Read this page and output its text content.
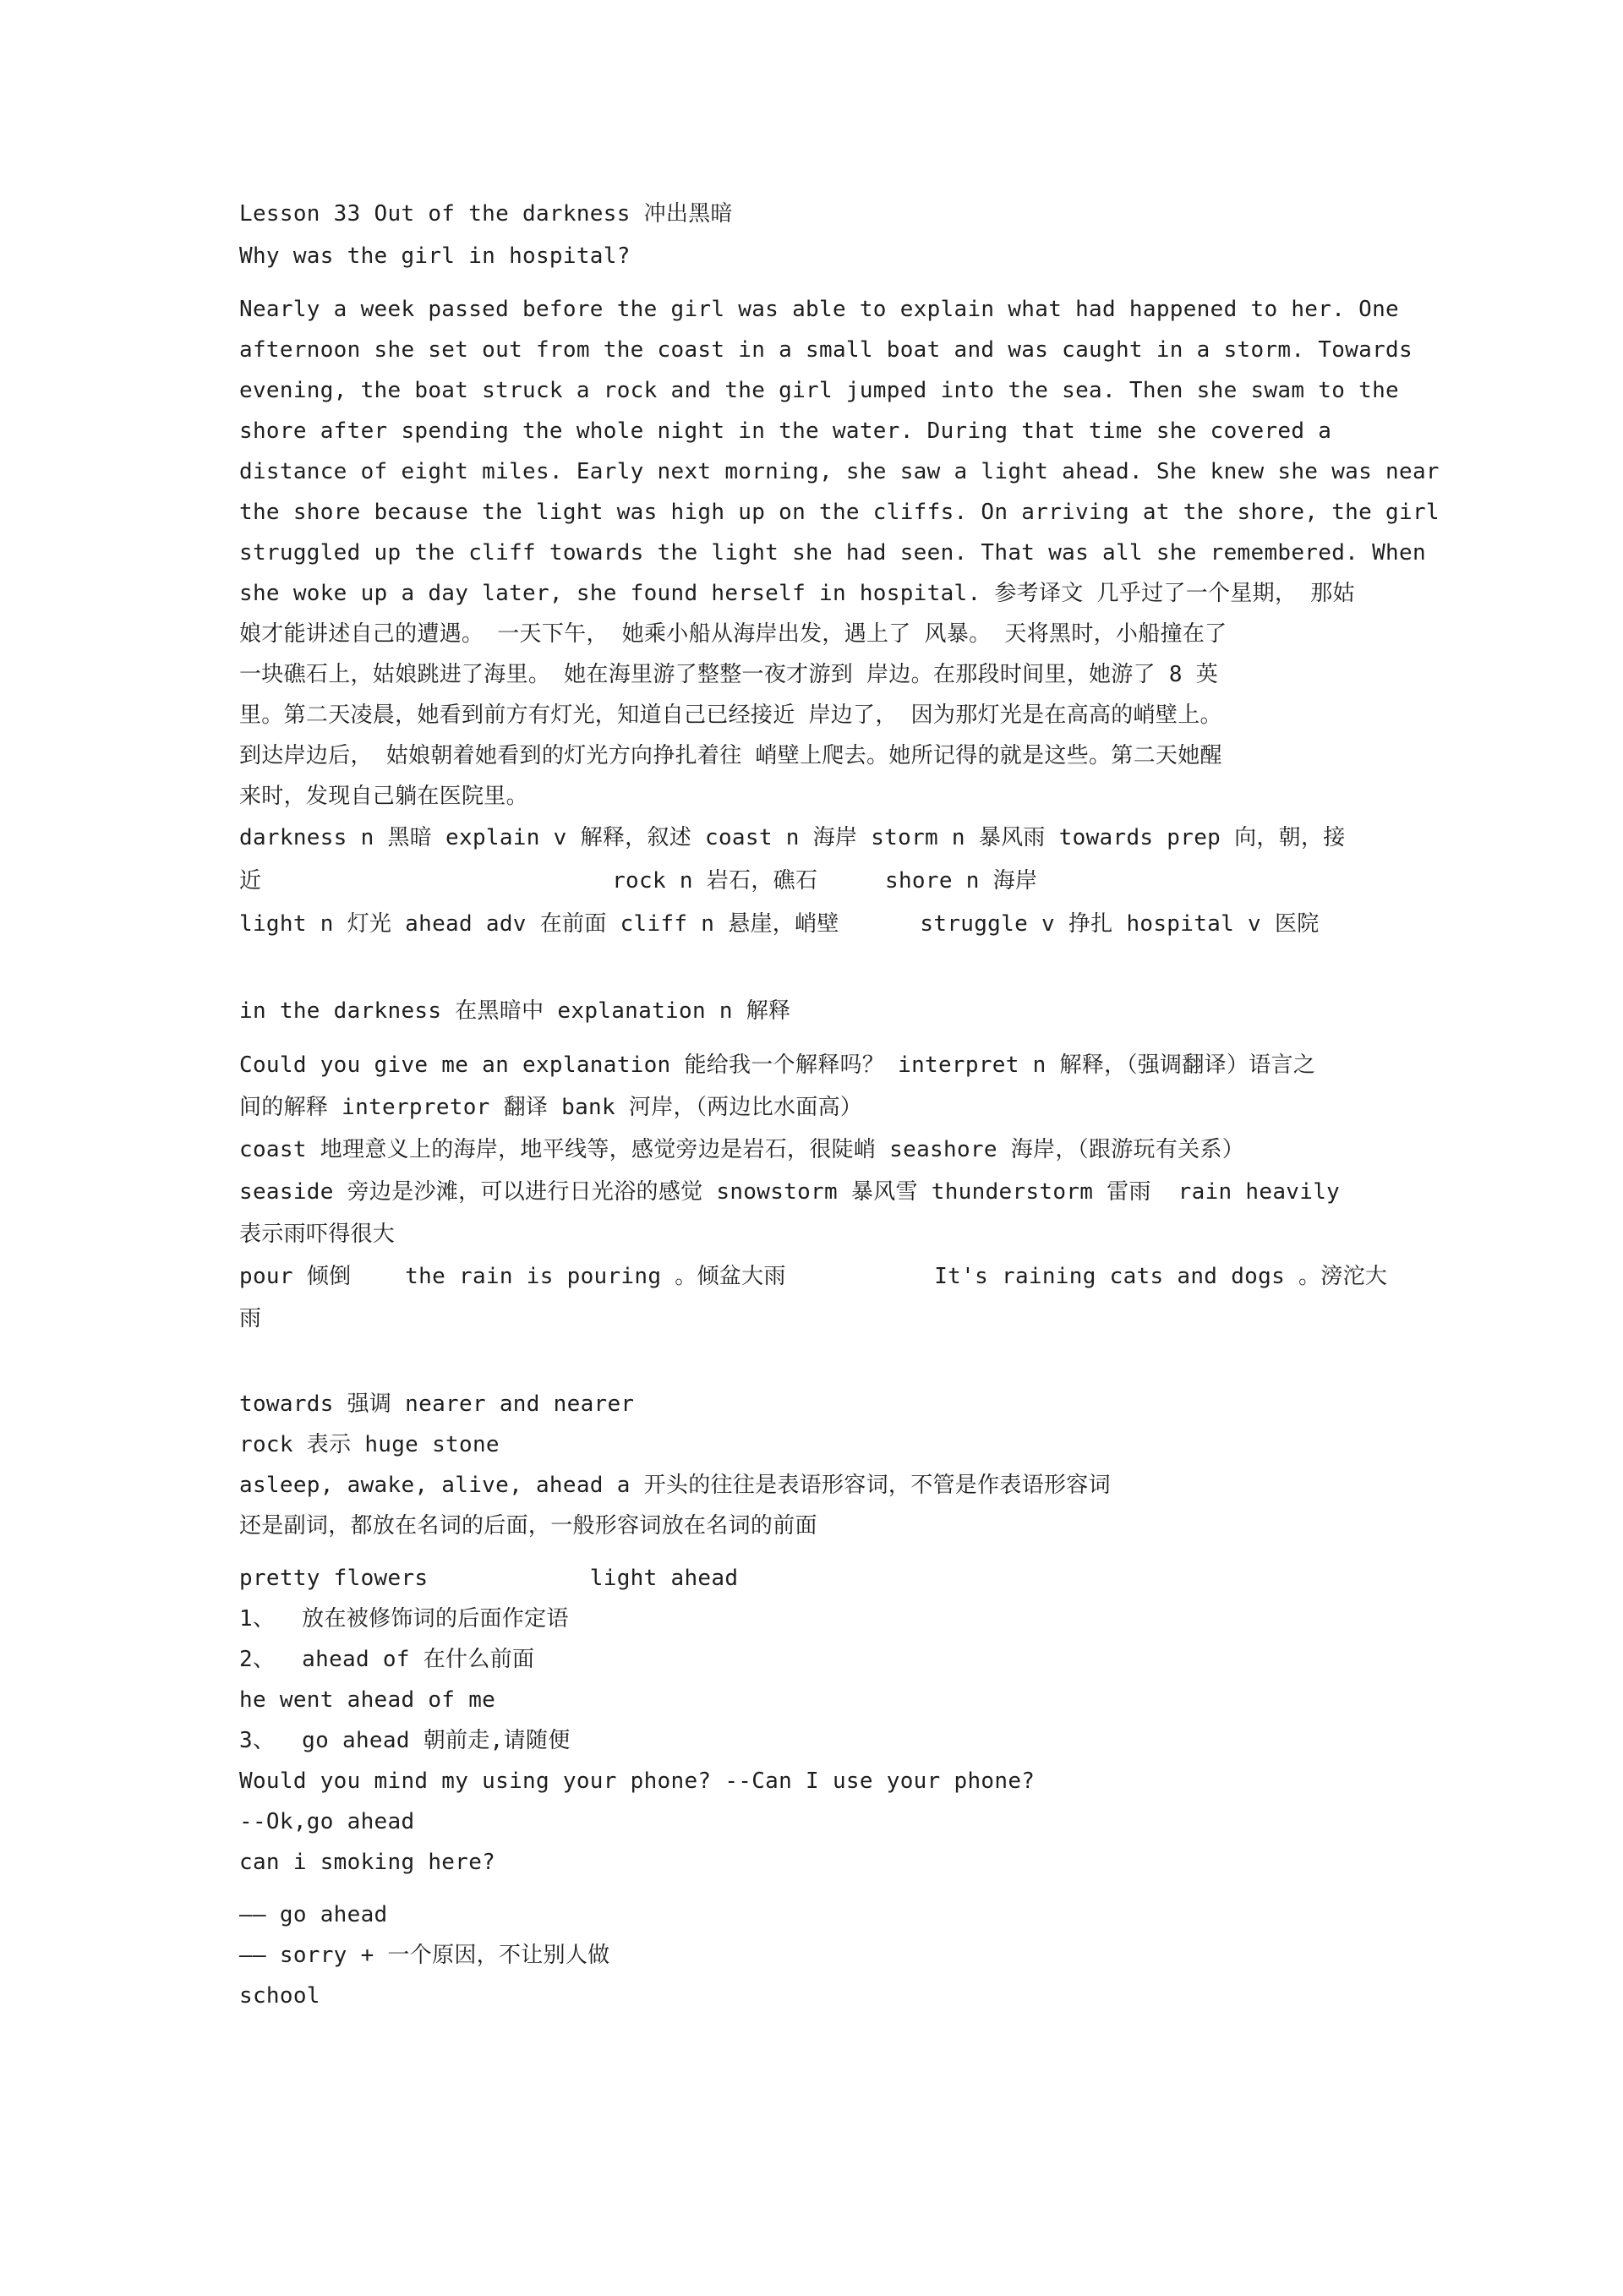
Lesson 33 Out of the darkness 冲出黑暗
Why was the girl in hospital?
Nearly a week passed before the girl was able to explain what had happened to her. One
afternoon she set out from the coast in a small boat and was caught in a storm. Towards
evening, the boat struck a rock and the girl jumped into the sea. Then she swam to the
shore after spending the whole night in the water. During that time she covered a
distance of eight miles. Early next morning, she saw a light ahead. She knew she was near
the shore because the light was high up on the cliffs. On arriving at the shore, the girl
struggled up the cliff towards the light she had seen. That was all she remembered. When
she woke up a day later, she found herself in hospital. 参考译文 几乎过了一个星期， 那姑
娘才能讲述自己的遭遇。 一天下午， 她乘小船从海岸出发，遇上了 风暴。 天将黑时，小船撞在了
一块礁石上，姑娘跳进了海里。 她在海里游了整整一夜才游到 岸边。在那段时间里，她游了 8 英
里。第二天凌晨，她看到前方有灯光，知道自己已经接近 岸边了， 因为那灯光是在高高的峭壁上。
到达岸边后， 姑娘朝着她看到的灯光方向挣扎着往 峭壁上爬去。她所记得的就是这些。第二天她醒
来时，发现自己躺在医院里。
darkness n 黑暗 explain v 解释，叙述 coast n 海岸 storm n 暴风雨 towards prep 向，朝，接
近                          rock n 岩石，礁石     shore n 海岸
light n 灯光 ahead adv 在前面 cliff n 悬崖，峭壁      struggle v 挣扎 hospital v 医院
in the darkness 在黑暗中 explanation n 解释
Could you give me an explanation 能给我一个解释吗？ interpret n 解释，（强调翻译）语言之
间的解释 interpretor 翻译 bank 河岸，（两边比水面高）
coast 地理意义上的海岸，地平线等，感觉旁边是岩石，很陡峭 seashore 海岸，（跟游玩有关系）
seaside 旁边是沙滩，可以进行日光浴的感觉 snowstorm 暴风雪 thunderstorm 雷雨  rain heavily
表示雨吓得很大
pour 倾倒    the rain is pouring 。倾盆大雨           It's raining cats and dogs 。滂沱大
雨
towards 强调 nearer and nearer
rock 表示 huge stone
asleep, awake, alive, ahead a 开头的往往是表语形容词，不管是作表语形容词
还是副词，都放在名词的后面，一般形容词放在名词的前面
pretty flowers            light ahead
1、  放在被修饰词的后面作定语
2、  ahead of 在什么前面
he went ahead of me
3、  go ahead 朝前走,请随便
Would you mind my using your phone? --Can I use your phone?
--Ok,go ahead
can i smoking here?
—— go ahead
—— sorry + 一个原因，不让别人做
school
